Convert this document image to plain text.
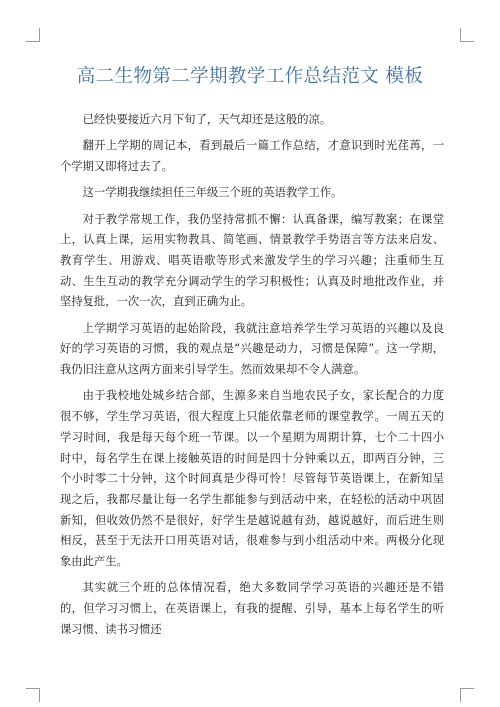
高二生物第二学期教学工作总结范文 模板

已经快要接近六月下旬了，天气却还是这般的凉。

翻开上学期的周记本，看到最后一篇工作总结，才意识到时光荏苒，一个学期又即将过去了。

这一学期我继续担任三年级三个班的英语教学工作。

对于教学常规工作，我仍坚持常抓不懈：认真备课，编写教案；在课堂上，认真上课，运用实物教具、简笔画、情景教学手势语言等方法来启发、教育学生、用游戏、唱英语歌等形式来激发学生的学习兴趣；注重师生互动、生生互动的教学充分调动学生的学习积极性；认真及时地批改作业，并坚持复批，一次一次，直到正确为止。

上学期学习英语的起始阶段，我就注意培养学生学习英语的兴趣以及良好的学习英语的习惯，我的观点是“兴趣是动力，习惯是保障”。这一学期，我仍旧注意从这两方面来引导学生。然而效果却不令人满意。

由于我校地处城乡结合部，生源多来自当地农民子女，家长配合的力度很不够，学生学习英语，很大程度上只能依靠老师的课堂教学。一周五天的学习时间，我是每天每个班一节课。以一个星期为周期计算，七个二十四小时中，每名学生在课上接触英语的时间是四十分钟乘以五，即两百分钟，三个小时零二十分钟，这个时间真是少得可怜！尽管每节英语课上，在新知呈现之后，我都尽量让每一名学生都能参与到活动中来，在轻松的活动中巩固新知，但收效仍然不是很好，好学生是越说越有劲，越说越好，而后进生则相反，甚至于无法开口用英语对话，很难参与到小组活动中来。两极分化现象由此产生。

其实就三个班的总体情况看，绝大多数同学学习英语的兴趣还是不错的，但学习习惯上，在英语课上，有我的提醒、引导，基本上每名学生的听课习惯、读书习惯还
